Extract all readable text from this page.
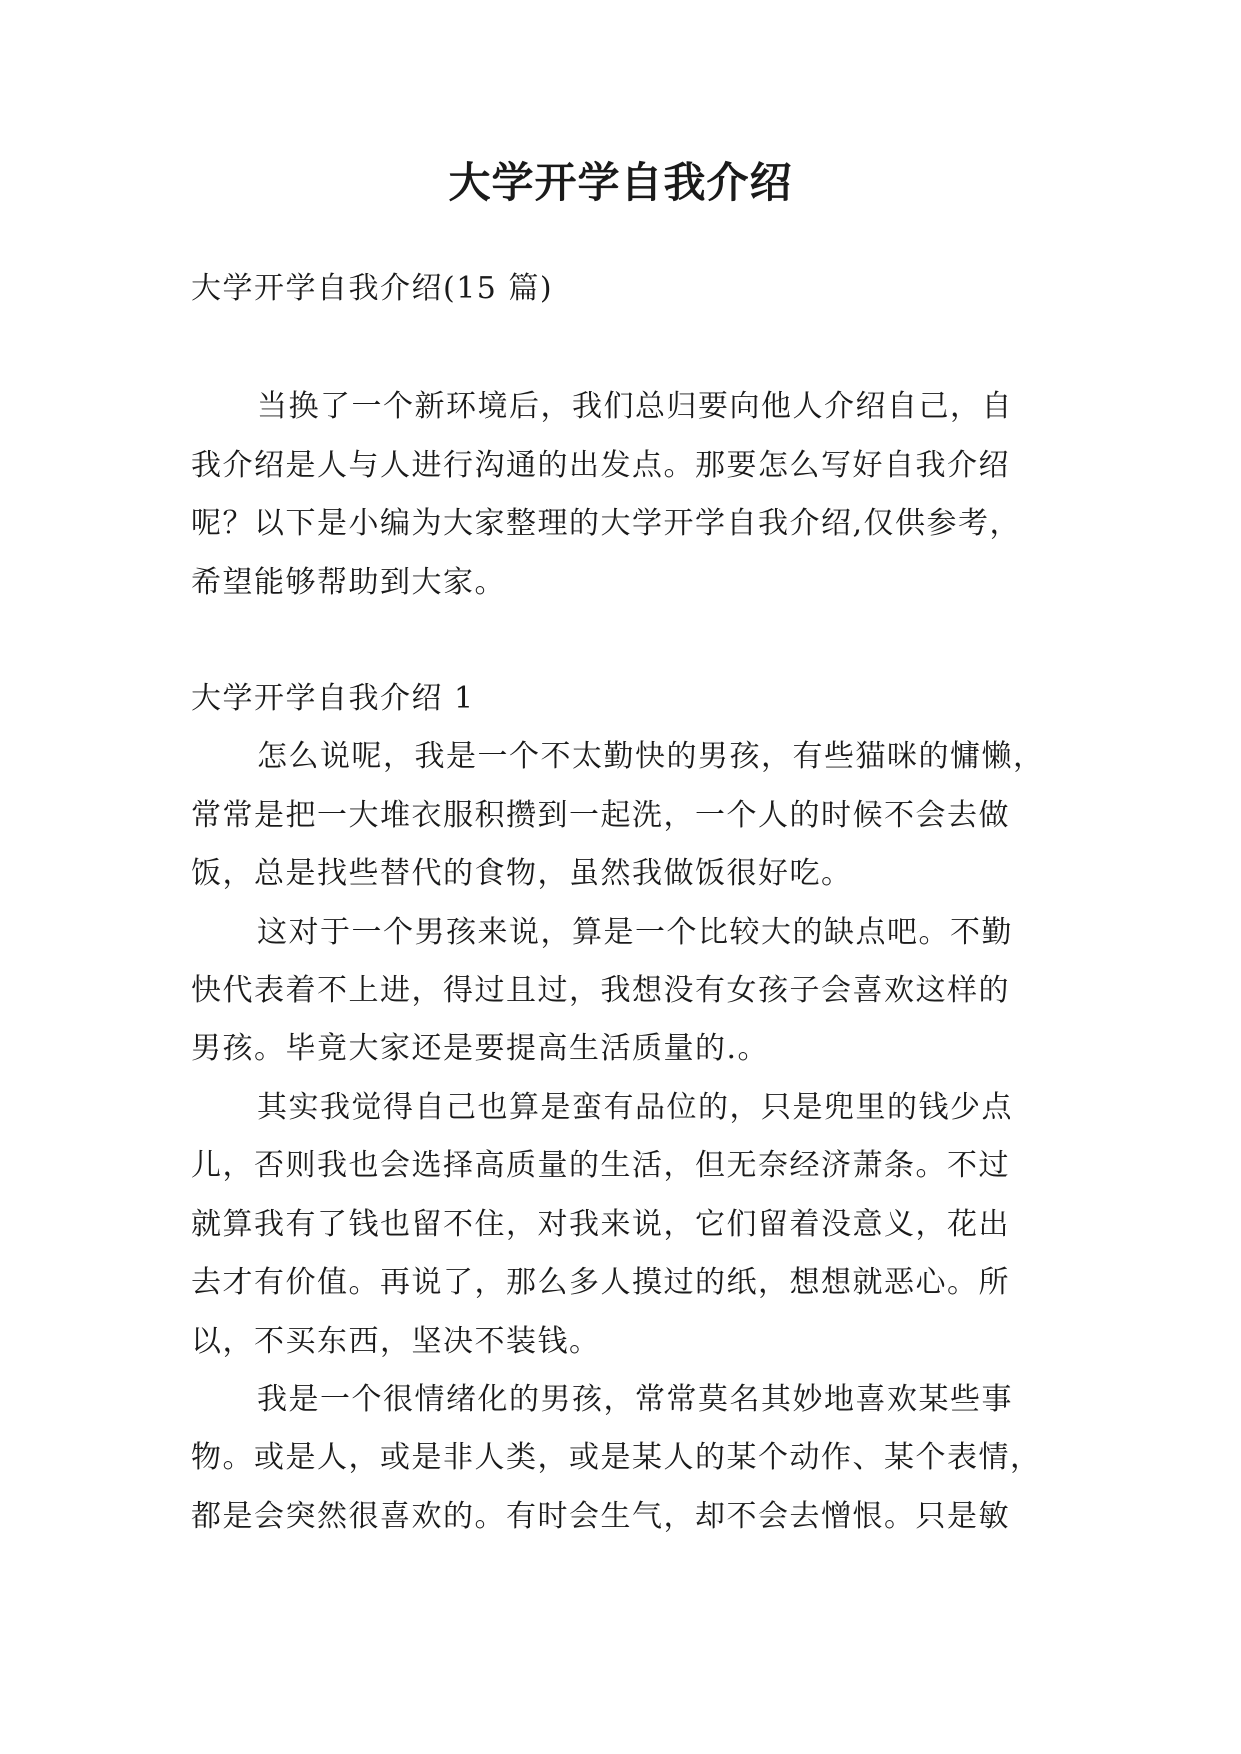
大学开学自我介绍

大学开学自我介绍(15 篇)

当换了一个新环境后，我们总归要向他人介绍自己，自
我介绍是人与人进行沟通的出发点。那要怎么写好自我介绍
呢？以下是小编为大家整理的大学开学自我介绍,仅供参考，
希望能够帮助到大家。

大学开学自我介绍 1

怎么说呢，我是一个不太勤快的男孩，有些猫咪的慵懒，
常常是把一大堆衣服积攒到一起洗，一个人的时候不会去做
饭，总是找些替代的食物，虽然我做饭很好吃。
这对于一个男孩来说，算是一个比较大的缺点吧。不勤
快代表着不上进，得过且过，我想没有女孩子会喜欢这样的
男孩。毕竟大家还是要提高生活质量的.。
其实我觉得自己也算是蛮有品位的，只是兜里的钱少点
儿，否则我也会选择高质量的生活，但无奈经济萧条。不过
就算我有了钱也留不住，对我来说，它们留着没意义，花出
去才有价值。再说了，那么多人摸过的纸，想想就恶心。所
以，不买东西，坚决不装钱。
我是一个很情绪化的男孩，常常莫名其妙地喜欢某些事
物。或是人，或是非人类，或是某人的某个动作、某个表情，
都是会突然很喜欢的。有时会生气，却不会去憎恨。只是敏
